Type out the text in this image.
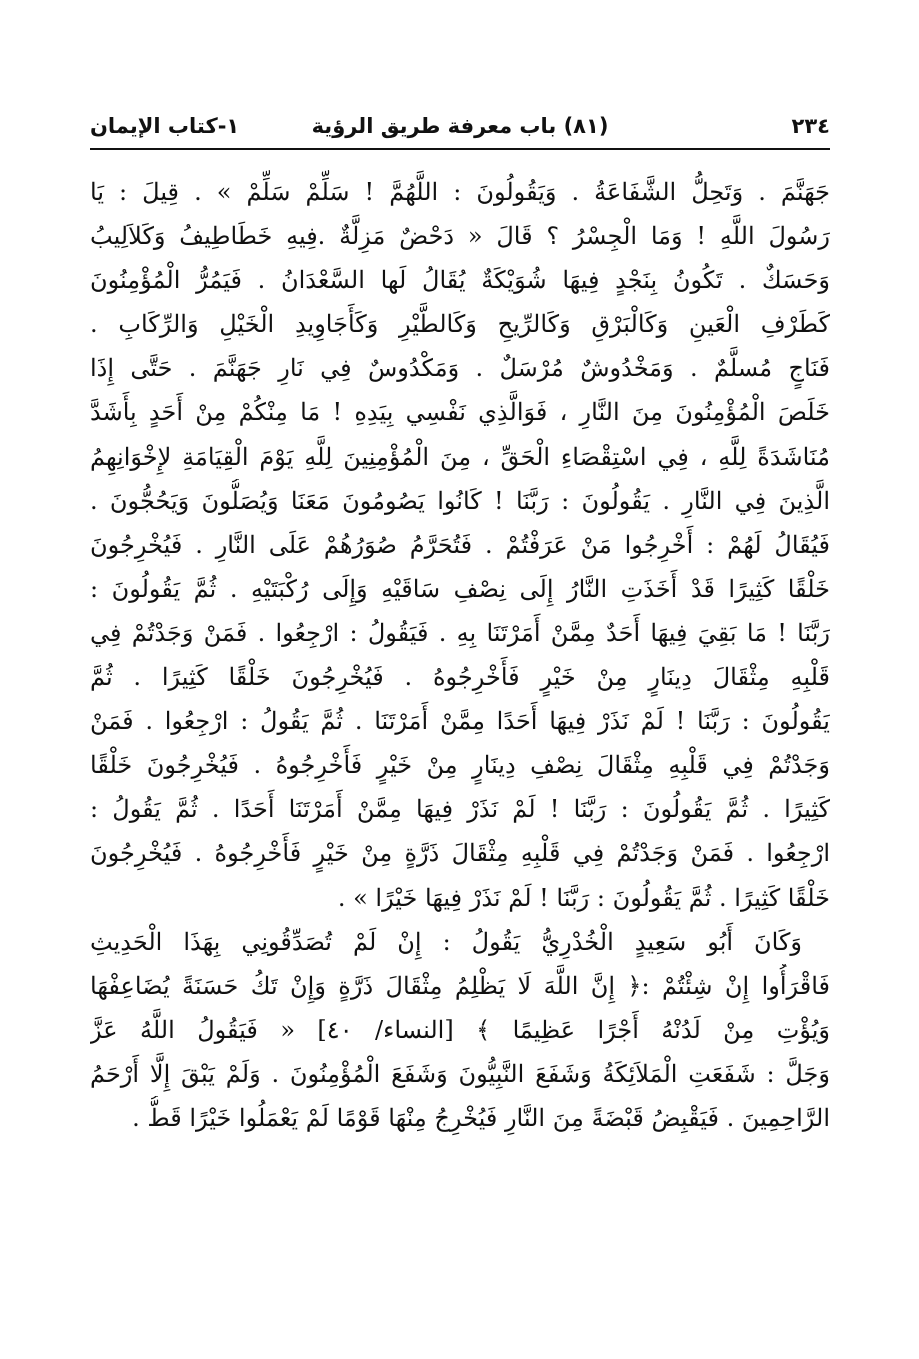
٢٣٤
(٨١) باب معرفة طريق الرؤية
١-كتاب الإيمان
جَهَنَّمَ . وَتَحِلُّ الشَّفَاعَةُ . وَيَقُولُونَ : اللَّهُمَّ ! سَلِّمْ سَلِّمْ » . قِيلَ : يَا
رَسُولَ اللَّهِ ! وَمَا الْجِسْرُ ؟ قَالَ « دَحْضٌ مَزِلَّةٌ .فِيهِ خَطَاطِيفُ وَكَلاَلِيبُ
وَحَسَكٌ . تَكُونُ بِنَجْدٍ فِيهَا شُوَيْكَةٌ يُقَالُ لَها السَّعْدَانُ . فَيَمُرُّ الْمُؤْمِنُونَ
كَطَرْفِ الْعَينِ وَكَالْبَرْقِ وَكَالرِّيحِ وَكَالطَّيْرِ وَكَأَجَاوِيدِ الْخَيْلِ وَالرِّكَابِ .
فَنَاجٍ مُسلَّمٌ . وَمَخْدُوشٌ مُرْسَلٌ . وَمَكْدُوسٌ فِي نَارِ جَهَنَّمَ . حَتَّى إِذَا
خَلَصَ الْمُؤْمِنُونَ مِنَ النَّارِ ، فَوَالَّذِي نَفْسِي بِيَدِهِ ! مَا مِنْكُمْ مِنْ أَحَدٍ بِأَشَدَّ
مُنَاشَدَةً لِلَّهِ ، فِي اسْتِقْصَاءِ الْحَقِّ ، مِنَ الْمُؤْمِنِينَ لِلَّهِ يَوْمَ الْقِيَامَةِ لإِخْوَانِهِمُ
الَّذِينَ فِي النَّارِ . يَقُولُونَ : رَبَّنَا ! كَانُوا يَصُومُونَ مَعَنَا وَيُصَلُّونَ وَيَحُجُّونَ .
فَيُقَالُ لَهُمْ : أَخْرِجُوا مَنْ عَرَفْتُمْ . فَتُحَرَّمُ صُوَرُهُمْ عَلَى النَّارِ . فَيُخْرِجُونَ
خَلْقًا كَثِيرًا قَدْ أَخَذَتِ النَّارُ إِلَى نِصْفِ سَاقَيْهِ وَإِلَى رُكْبَتَيْهِ . ثُمَّ يَقُولُونَ :
رَبَّنَا ! مَا بَقِيَ فِيهَا أَحَدٌ مِمَّنْ أَمَرْتَنَا بِهِ . فَيَقُولُ : ارْجِعُوا . فَمَنْ وَجَدْتُمْ فِي
قَلْبِهِ مِثْقَالَ دِينَارٍ مِنْ خَيْرٍ فَأَخْرِجُوهُ . فَيُخْرِجُونَ خَلْقًا كَثِيرًا . ثُمَّ
يَقُولُونَ : رَبَّنَا ! لَمْ نَذَرْ فِيهَا أَحَدًا مِمَّنْ أَمَرْتَنَا . ثُمَّ يَقُولُ : ارْجِعُوا . فَمَنْ
وَجَدْتُمْ فِي قَلْبِهِ مِثْقَالَ نِصْفِ دِينَارٍ مِنْ خَيْرٍ فَأَخْرِجُوهُ . فَيُخْرِجُونَ خَلْقًا
كَثِيرًا . ثُمَّ يَقُولُونَ : رَبَّنَا ! لَمْ نَذَرْ فِيهَا مِمَّنْ أَمَرْتَنَا أَحَدًا . ثُمَّ يَقُولُ :
ارْجِعُوا . فَمَنْ وَجَدْتُمْ فِي قَلْبِهِ مِثْقَالَ ذَرَّةٍ مِنْ خَيْرٍ فَأَخْرِجُوهُ . فَيُخْرِجُونَ
خَلْقًا كَثِيرًا . ثُمَّ يَقُولُونَ : رَبَّنَا ! لَمْ نَذَرْ فِيهَا خَيْرًا » .
وَكَانَ أَبُو سَعِيدٍ الْخُدْرِيُّ يَقُولُ : إِنْ لَمْ تُصَدِّقُونِي بِهَذَا الْحَدِيثِ
فَاقْرَأُوا إِنْ شِئْتُمْ :﴿ إِنَّ اللَّهَ لَا يَظْلِمُ مِثْقَالَ ذَرَّةٍ وَإِنْ تَكُ حَسَنَةً يُضَاعِفْهَا
وَيُؤْتِ مِنْ لَدُنْهُ أَجْرًا عَظِيمًا ﴾ [النساء/ ٤٠] « فَيَقُولُ اللَّهُ عَزَّ
وَجَلَّ : شَفَعَتِ الْمَلاَئِكَةُ وَشَفَعَ النَّبِيُّونَ وَشَفَعَ الْمُؤْمِنُونَ . وَلَمْ يَبْقَ إِلَّا أَرْحَمُ
الرَّاحِمِينَ . فَيَقْبِضُ قَبْضَةً مِنَ النَّارِ فَيُخْرِجُ مِنْهَا قَوْمًا لَمْ يَعْمَلُوا خَيْرًا قَطُّ .
